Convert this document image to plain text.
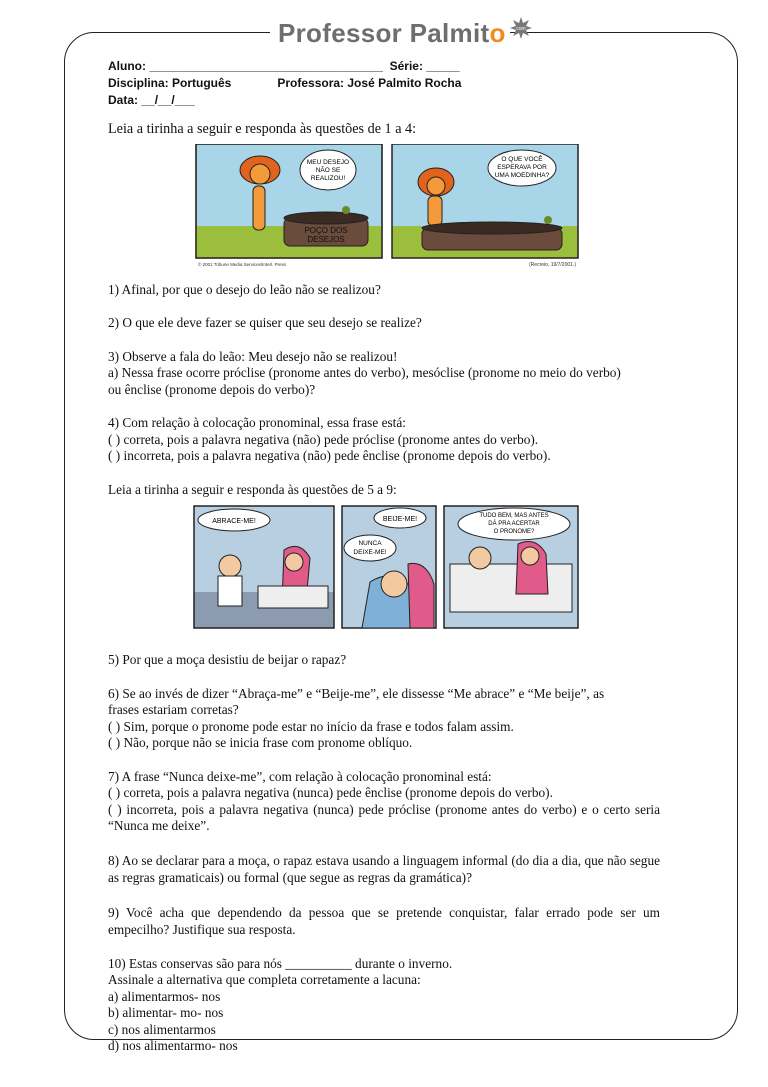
Professor Palmito com
Aluno:
___________________________________
Série:
_____
Disciplina: Português	Professora: José Palmito Rocha
Data: __/__/___

Leia a tirinha a seguir e responda às questões de 1 a 4:

POÇO DOS
DESEJOS
MEU DESEJO
NÃO SE
REALIZOU!
O QUE VOCÊ
ESPERAVA POR
UMA MOEDINHA?
© 2001 Tribune Media Services/Interl. Press	(Recreio, 19/7/2001.)

1) Afinal, por que o desejo do leão não se realizou?

2) O que ele deve fazer se quiser que seu desejo se realize?

3) Observe a fala do leão: Meu desejo não se realizou!

a) Nessa frase ocorre próclise (pronome antes do verbo), mesóclise (pronome no meio do verbo)

ou ênclise (pronome depois do verbo)?

4) Com relação à colocação pronominal, essa frase está:

( ) correta, pois a palavra negativa (não) pede próclise (pronome antes do verbo).

( ) incorreta, pois a palavra negativa (não) pede ênclise (pronome depois do verbo).

Leia a tirinha a seguir e responda às questões de 5 a 9:

ABRACE-ME!	BEIJE-ME!
NUNCA
DEIXE-ME!
TUDO BEM, MAS ANTES
DÁ PRA ACERTAR
O PRONOME?

5) Por que a moça desistiu de beijar o rapaz?

6) Se ao invés de dizer “Abraça-me” e “Beije-me”, ele dissesse “Me abrace” e “Me beije”, as

frases estariam corretas?

( ) Sim, porque o pronome pode estar no início da frase e todos falam assim.

( ) Não, porque não se inicia frase com pronome oblíquo.

7) A frase “Nunca deixe-me”, com relação à colocação pronominal está:

( ) correta, pois a palavra negativa (nunca) pede ênclise (pronome depois do verbo).

( ) incorreta, pois a palavra negativa (nunca) pede próclise (pronome antes do verbo) e o certo seria “Nunca me deixe”.

8) Ao se declarar para a moça, o rapaz estava usando a linguagem informal (do dia a dia, que não segue as regras gramaticais) ou formal (que segue as regras da gramática)?

9) Você acha que dependendo da pessoa que se pretende conquistar, falar errado pode ser um empecilho? Justifique sua resposta.

10) Estas conservas são para nós __________ durante o inverno.

Assinale a alternativa que completa corretamente a lacuna:

a) alimentarmos- nos

b) alimentar- mo- nos

c) nos alimentarmos

d) nos alimentarmo- nos
